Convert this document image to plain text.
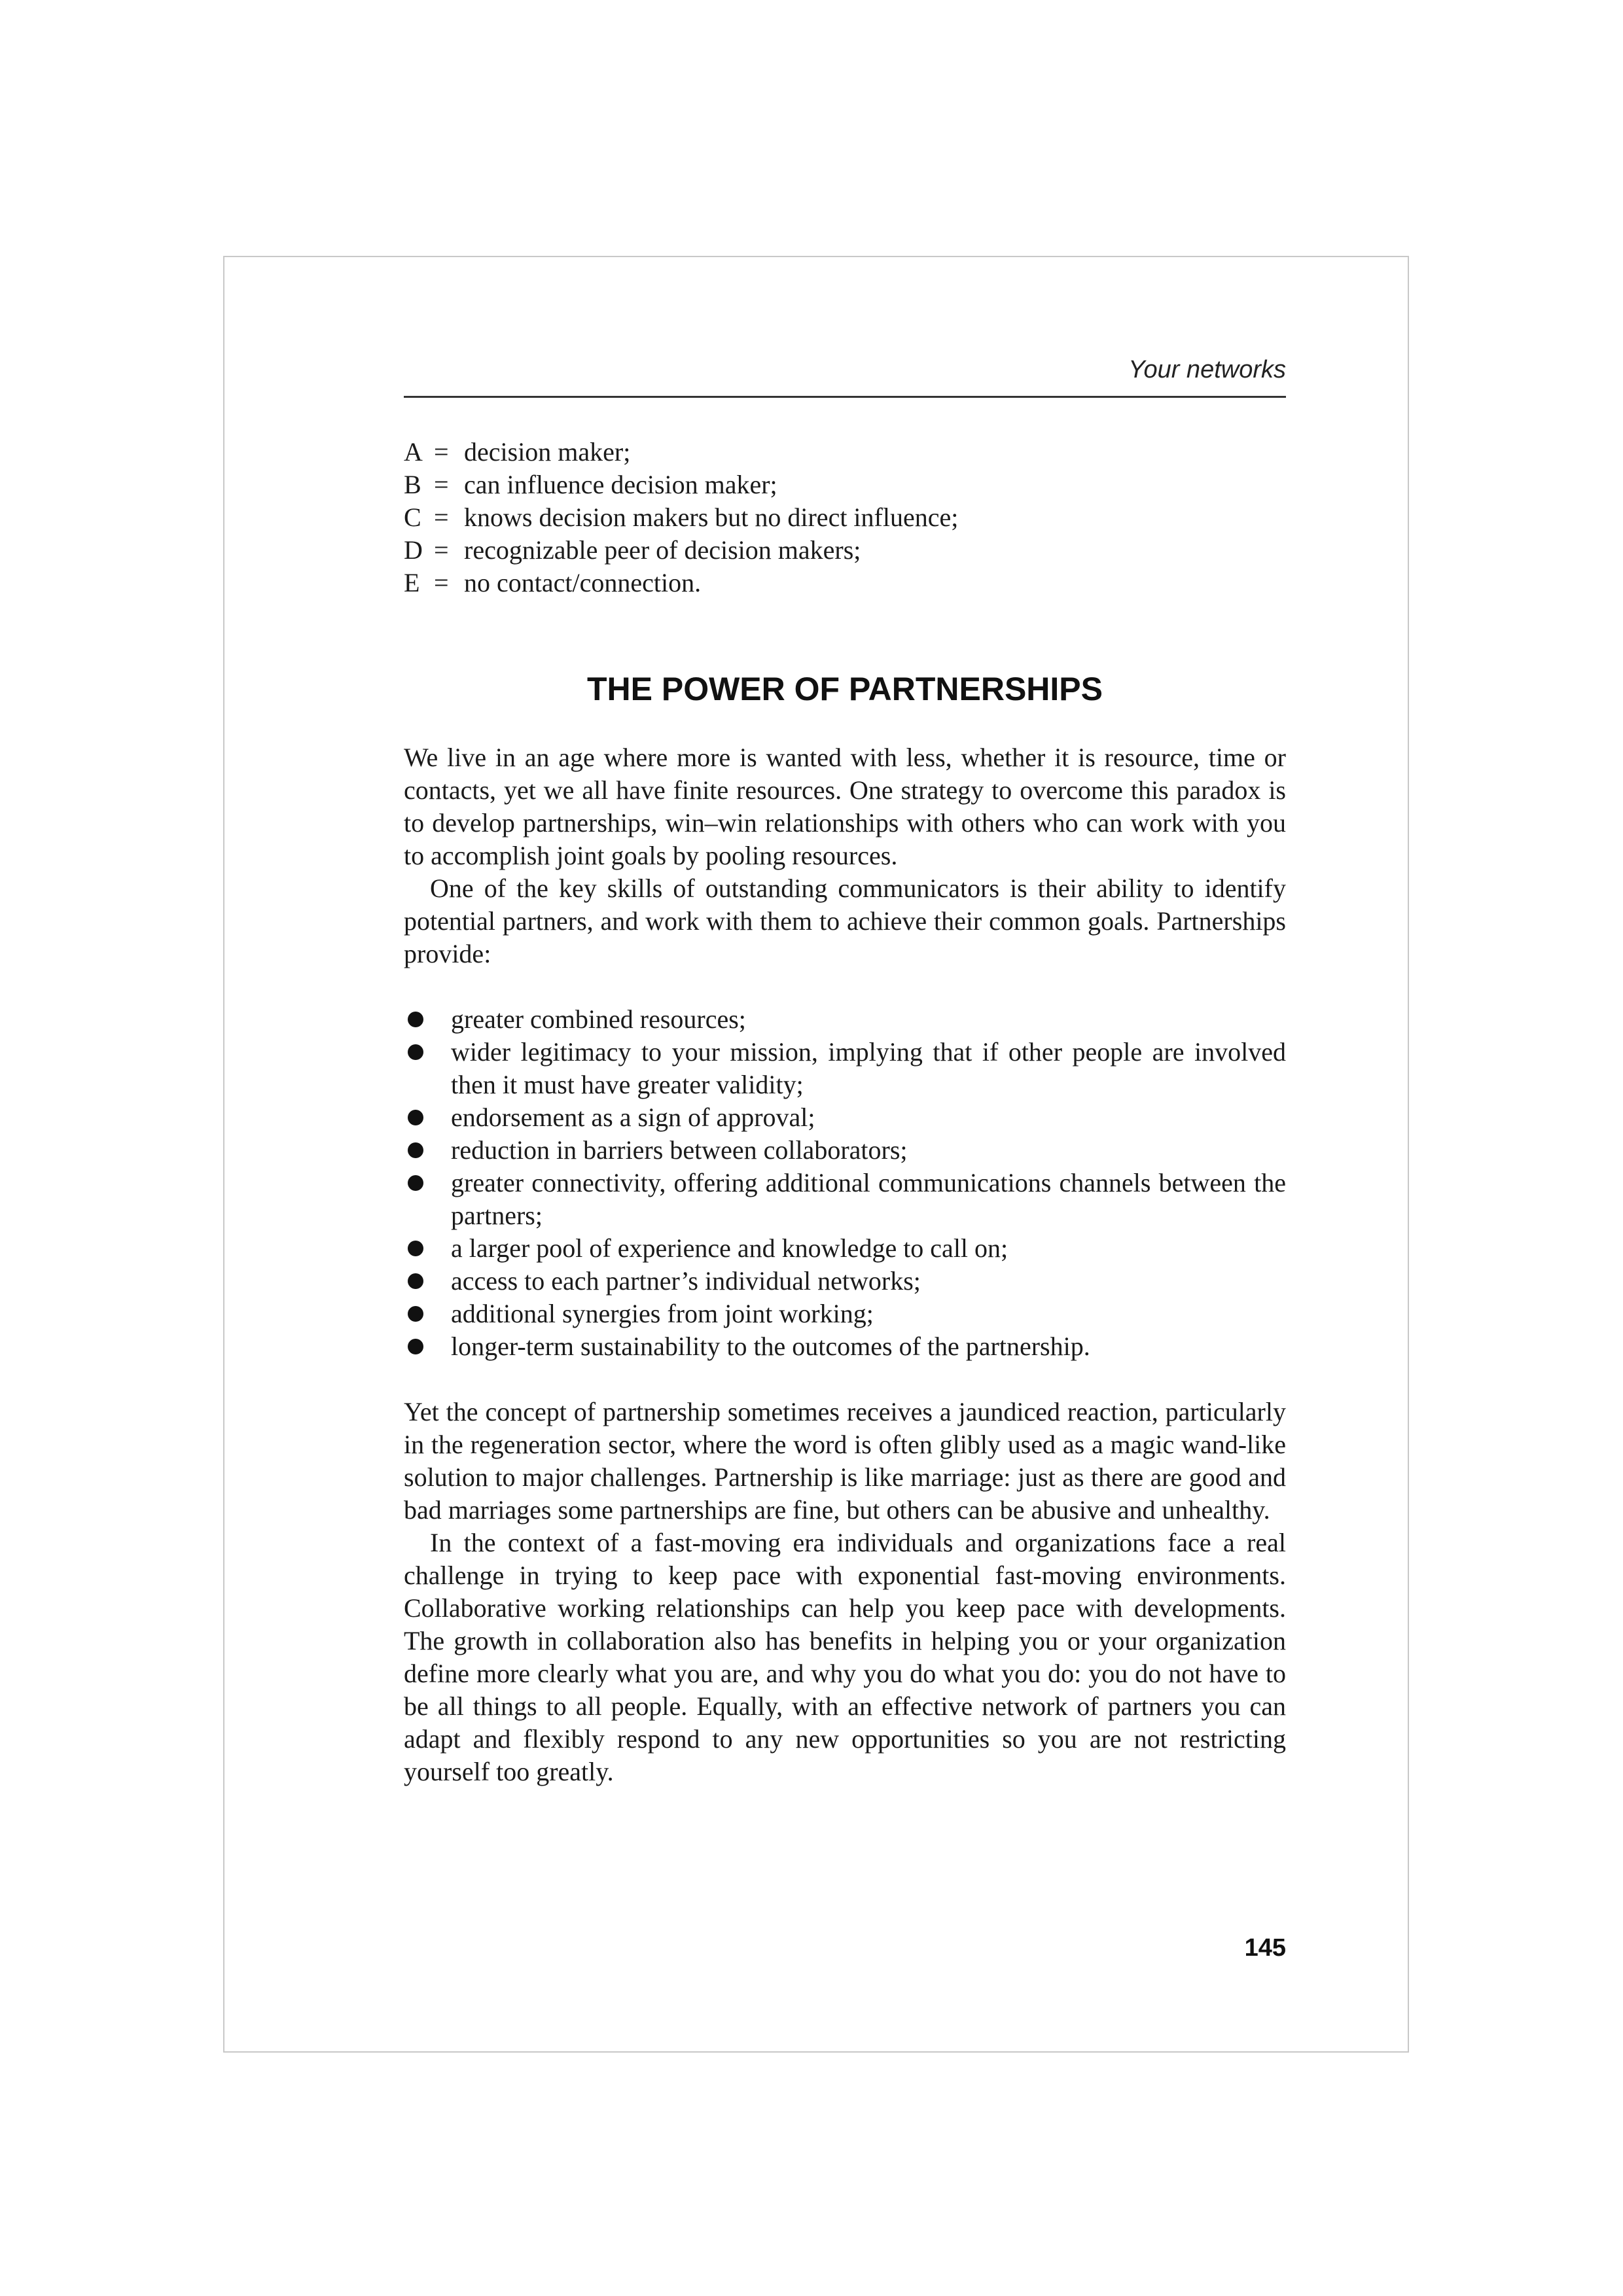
Your networks
A = decision maker;
B = can influence decision maker;
C = knows decision makers but no direct influence;
D = recognizable peer of decision makers;
E = no contact/connection.
THE POWER OF PARTNERSHIPS

We live in an age where more is wanted with less, whether it is resource, time or contacts, yet we all have finite resources. One strategy to overcome this paradox is to develop partnerships, win–win relationships with others who can work with you to accomplish joint goals by pooling resources.

One of the key skills of outstanding communicators is their ability to identify potential partners, and work with them to achieve their common goals. Partnerships provide:

greater combined resources;
wider legitimacy to your mission, implying that if other people are involved then it must have greater validity;
endorsement as a sign of approval;
reduction in barriers between collaborators;
greater connectivity, offering additional communications channels between the partners;
a larger pool of experience and knowledge to call on;
access to each partner’s individual networks;
additional synergies from joint working;
longer-term sustainability to the outcomes of the partnership.

Yet the concept of partnership sometimes receives a jaundiced reaction, particularly in the regeneration sector, where the word is often glibly used as a magic wand-like solution to major challenges. Partnership is like marriage: just as there are good and bad marriages some partnerships are fine, but others can be abusive and unhealthy.

In the context of a fast-moving era individuals and organizations face a real challenge in trying to keep pace with exponential fast-moving environments. Collaborative working relationships can help you keep pace with developments. The growth in collaboration also has benefits in helping you or your organization define more clearly what you are, and why you do what you do: you do not have to be all things to all people. Equally, with an effective network of partners you can adapt and flexibly respond to any new opportunities so you are not restricting yourself too greatly.

145
